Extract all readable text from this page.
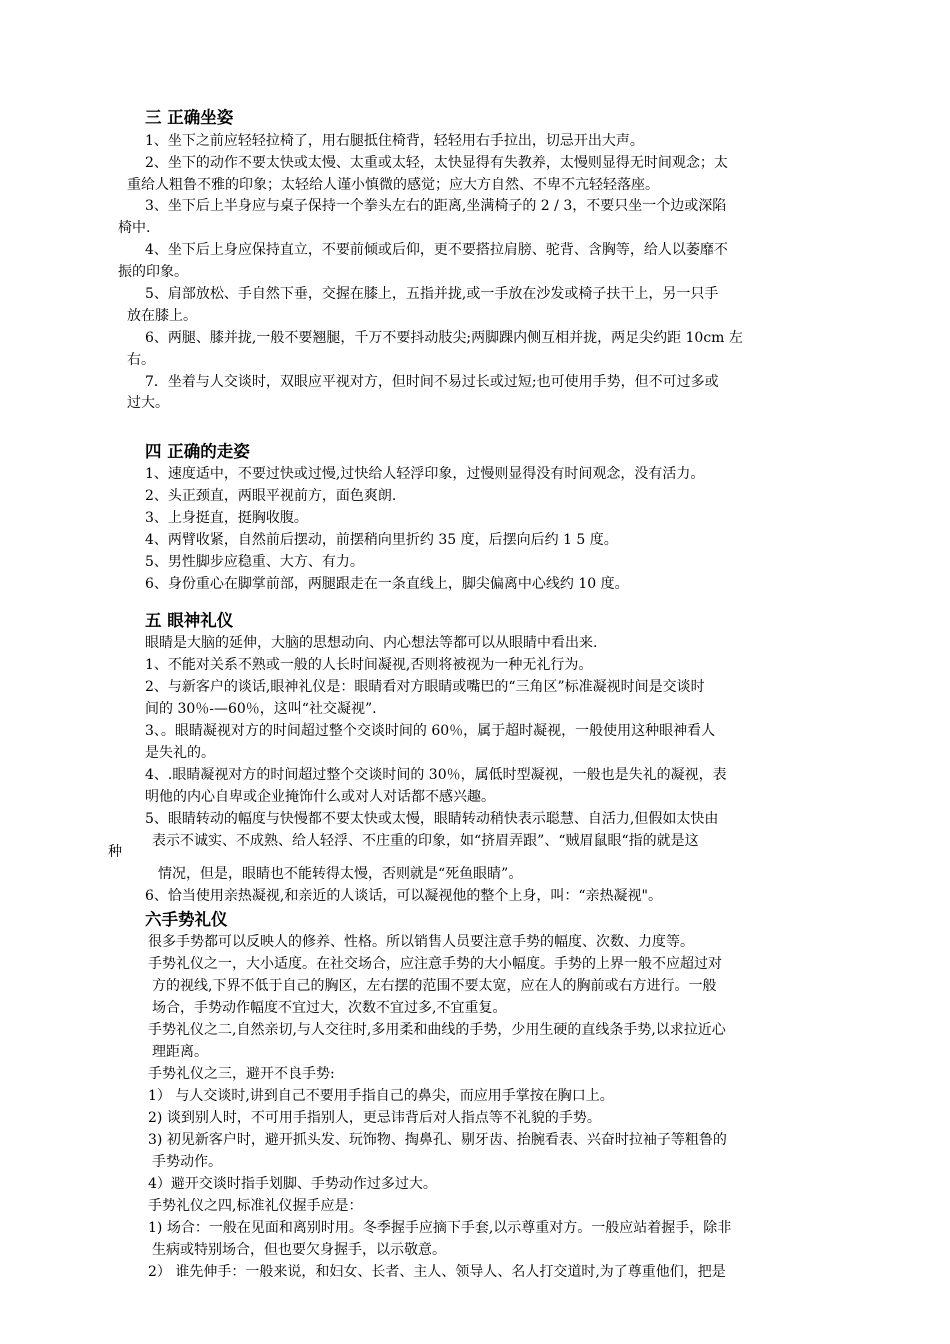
三 正确坐姿
1、坐下之前应轻轻拉椅了，用右腿抵住椅背，轻轻用右手拉出，切忌开出大声。
2、坐下的动作不要太快或太慢、太重或太轻，太快显得有失教养，太慢则显得无时间观念；太
重给人粗鲁不雅的印象；太轻给人谨小慎微的感觉；应大方自然、不卑不亢轻轻落座。
3、坐下后上半身应与桌子保持一个拳头左右的距离,坐满椅子的 2 / 3，不要只坐一个边或深陷
椅中.
4、坐下后上身应保持直立，不要前倾或后仰，更不要搭拉肩膀、驼背、含胸等，给人以萎靡不
振的印象。
5、肩部放松、手自然下垂，交握在膝上，五指并拢,或一手放在沙发或椅子扶干上，另一只手
放在膝上。
6、两腿、膝并拢,一般不要翘腿，千万不要抖动肢尖;两脚踝内侧互相并拢，两足尖约距 10cm 左
右。
7．坐着与人交谈时，双眼应平视对方，但时间不易过长或过短;也可使用手势，但不可过多或
过大。
四 正确的走姿
1、速度适中，不要过快或过慢,过快给人轻浮印象，过慢则显得没有时间观念，没有活力。
2、头正颈直，两眼平视前方，面色爽朗.
3、上身挺直，挺胸收腹。
4、两臂收紧，自然前后摆动，前摆稍向里折约 35 度，后摆向后约 1 5 度。
5、男性脚步应稳重、大方、有力。
6、身份重心在脚掌前部，两腿跟走在一条直线上，脚尖偏离中心线约 10 度。
五 眼神礼仪
眼睛是大脑的延伸，大脑的思想动向、内心想法等都可以从眼睛中看出来.
1、不能对关系不熟或一般的人长时间凝视,否则将被视为一种无礼行为。
2、与新客户的谈话,眼神礼仪是：眼睛看对方眼睛或嘴巴的“三角区”标准凝视时间是交谈时
间的 30％-—60％，这叫“社交凝视”.
3、。眼睛凝视对方的时间超过整个交谈时间的 60％，属于超时凝视，一般使用这种眼神看人
是失礼的。
4、.眼睛凝视对方的时间超过整个交谈时间的 30％，属低时型凝视，一般也是失礼的凝视，表
明他的内心自卑或企业掩饰什么或对人对话都不感兴趣。
5、眼睛转动的幅度与快慢都不要太快或太慢，眼睛转动稍快表示聪慧、自活力,但假如太快由
表示不诚实、不成熟、给人轻浮、不庄重的印象，如“挤眉弄跟”、“贼眉鼠眼“指的就是这
种
情况，但是，眼睛也不能转得太慢，否则就是“死鱼眼睛”。
6、恰当使用亲热凝视,和亲近的人谈话，可以凝视他的整个上身，叫：“亲热凝视"。
六手势礼仪
很多手势都可以反映人的修养、性格。所以销售人员要注意手势的幅度、次数、力度等。
手势礼仪之一，大小适度。在社交场合，应注意手势的大小幅度。手势的上界一般不应超过对
方的视线,下界不低于自己的胸区，左右摆的范围不要太宽，应在人的胸前或右方进行。一般
场合，手势动作幅度不宜过大，次数不宜过多,不宜重复。
手势礼仪之二,自然亲切,与人交往时,多用柔和曲线的手势，少用生硬的直线条手势,以求拉近心
理距离。
手势礼仪之三，避开不良手势:
1） 与人交谈时,讲到自己不要用手指自己的鼻尖，而应用手掌按在胸口上。
2) 谈到别人时，不可用手指别人，更忌讳背后对人指点等不礼貌的手势。
3) 初见新客户时，避开抓头发、玩饰物、掏鼻孔、剔牙齿、抬腕看表、兴奋时拉袖子等粗鲁的
手势动作。
4）避开交谈时指手划脚、手势动作过多过大。
手势礼仪之四,标准礼仪握手应是：
1) 场合：一般在见面和离别时用。冬季握手应摘下手套,以示尊重对方。一般应站着握手，除非
生病或特别场合，但也要欠身握手，以示敬意。
2） 谁先伸手：一般来说，和妇女、长者、主人、领导人、名人打交道时,为了尊重他们，把是
